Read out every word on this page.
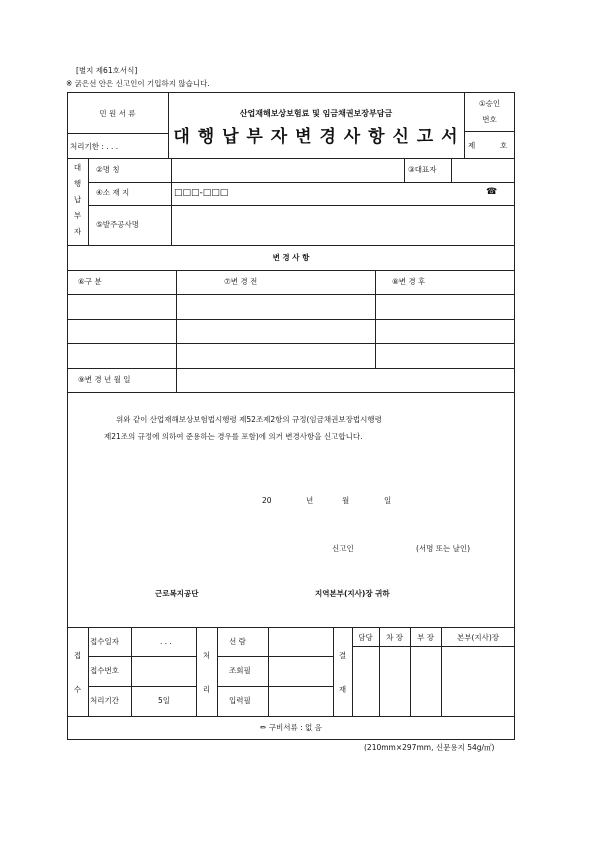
[별지 제61호서식]
※ 굵은선 안은 신고인이 기입하지 않습니다.
민 원 서 류
처리기한 : . . .
산업재해보상보험료 및 임금채권보장부담금
대 행 납 부 자 변 경 사 항 신 고 서
①승인
번호
제	호
대
행
납
부
자
②명 칭	③대표자
④소 재 지	□□□-□□□	☎
⑤발주공사명
변 경 사 항
⑥구 분	⑦변 경 전	⑧변 경 후
⑨변 경 년 월 일
위와 같이 산업재해보상보험법시행령 제52조제2항의 규정(임금채권보장법시행령
제21조의 규정에 의하여 준용하는 경우를 포함)에 의거 변경사항을 신고합니다.
20	년	월	일
신고인	(서명 또는 날인)
근로복지공단	지역본부(지사)장 귀하
접
수
접수일자	. . .
접수번호
처리기간	5일
처
리
선 람
조회필
입력필
결
재
담당	차 장	부 장	본부(지사)장
✏ 구비서류 : 없 음
(210mm×297mm, 신문용지 54g/㎡)
